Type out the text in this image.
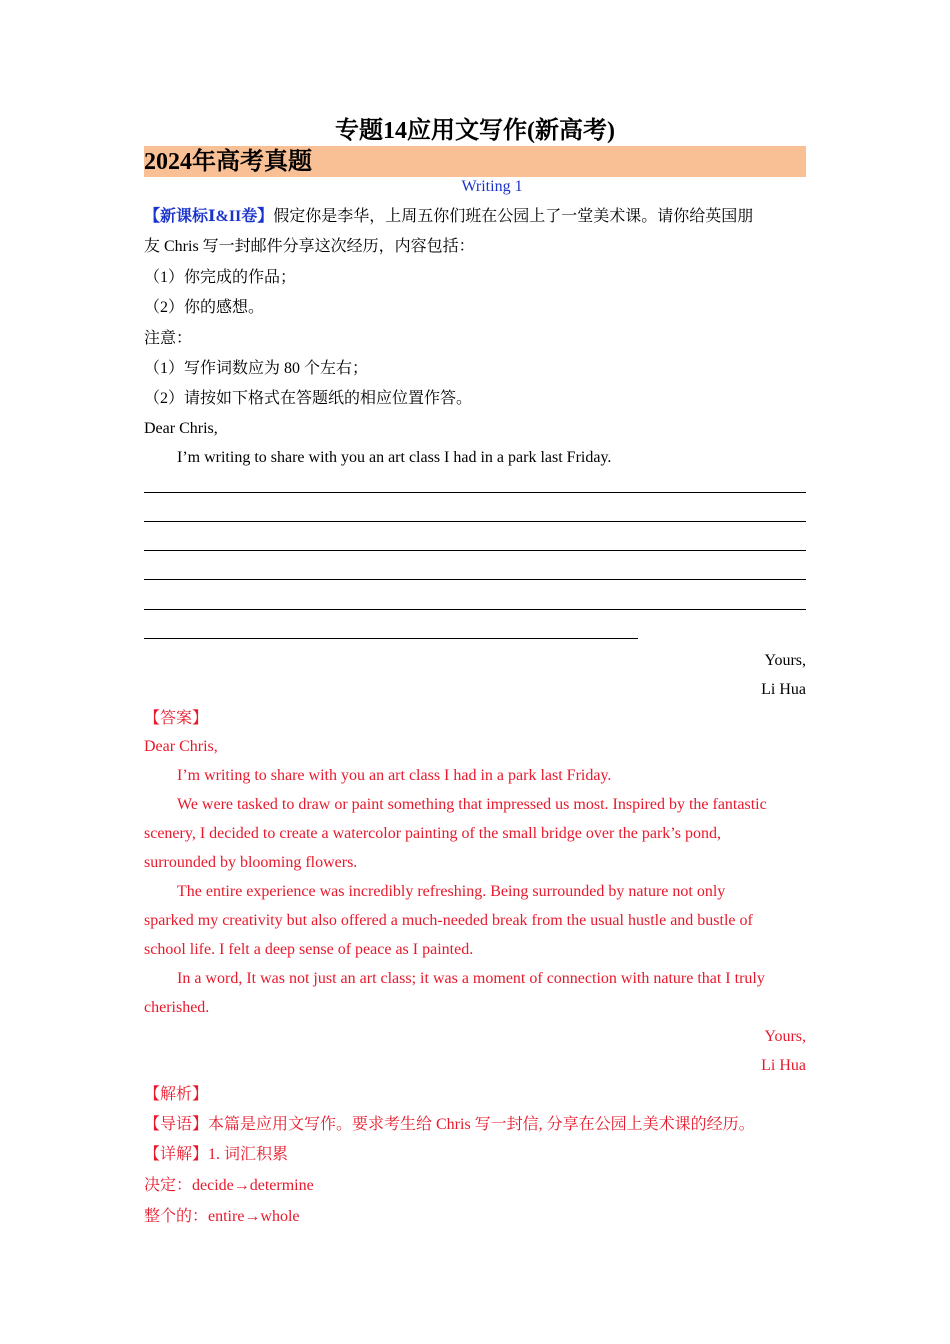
专题14应用文写作(新高考)
2024年高考真题
Writing 1
【新课标Ⅰ&II卷】假定你是李华，上周五你们班在公园上了一堂美术课。请你给英国朋
友 Chris 写一封邮件分享这次经历，内容包括：
（1）你完成的作品；
（2）你的感想。
注意：
（1）写作词数应为 80 个左右；
（2）请按如下格式在答题纸的相应位置作答。
Dear Chris,
I’m writing to share with you an art class I had in a park last Friday.
Yours,
Li Hua
【答案】
Dear Chris,
I’m writing to share with you an art class I had in a park last Friday.
We were tasked to draw or paint something that impressed us most. Inspired by the fantastic
scenery, I decided to create a watercolor painting of the small bridge over the park’s pond,
surrounded by blooming flowers.
The entire experience was incredibly refreshing. Being surrounded by nature not only
sparked my creativity but also offered a much-needed break from the usual hustle and bustle of
school life. I felt a deep sense of peace as I painted.
In a word, It was not just an art class; it was a moment of connection with nature that I truly
cherished.
Yours,
Li Hua
【解析】
【导语】本篇是应用文写作。要求考生给 Chris 写一封信, 分享在公园上美术课的经历。
【详解】1. 词汇积累
决定：decide→determine
整个的：entire→whole
